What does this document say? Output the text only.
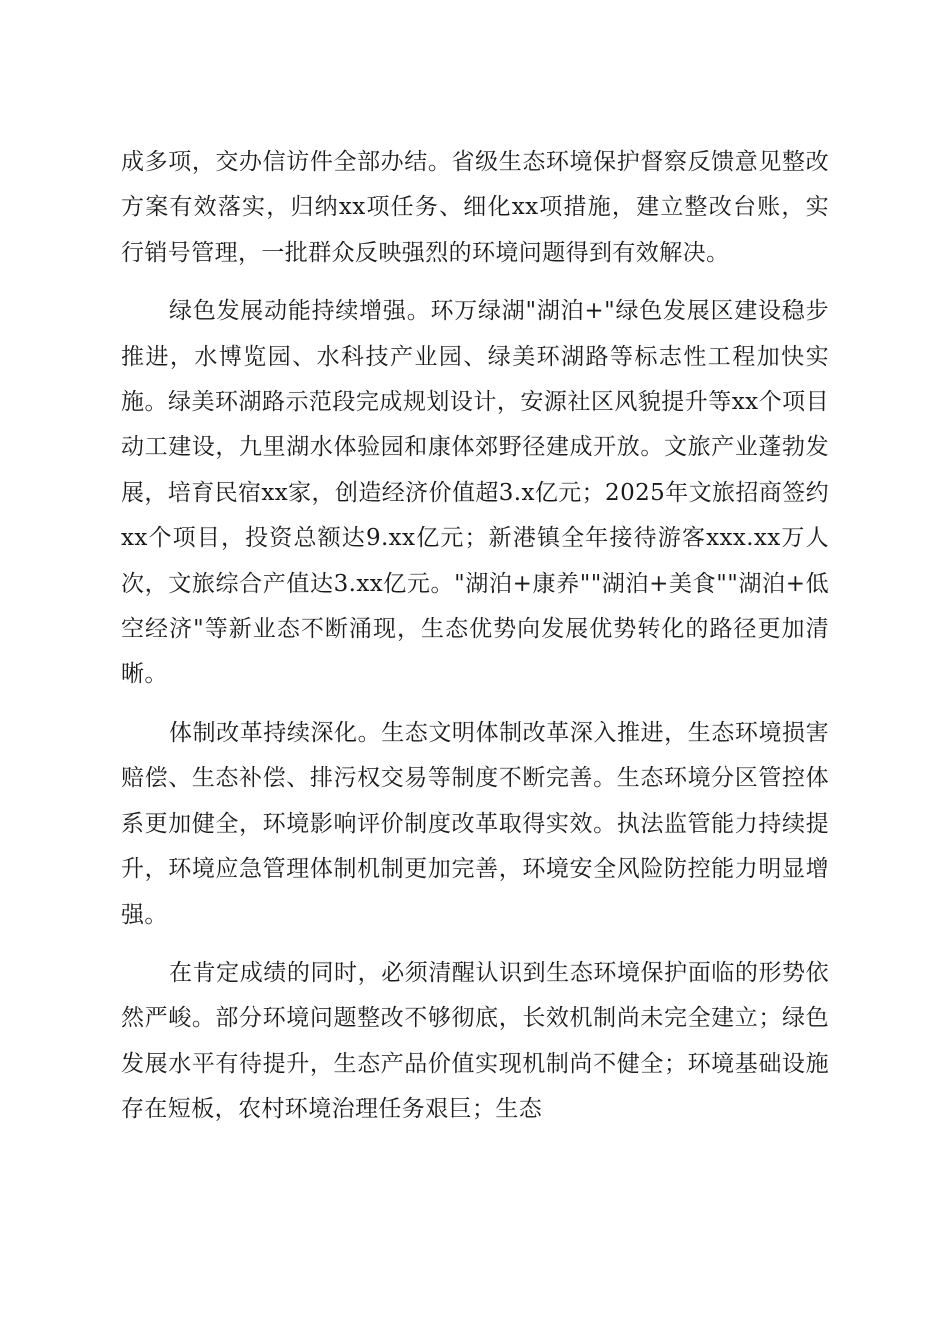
成多项，交办信访件全部办结。省级生态环境保护督察反馈意见整改方案有效落实，归纳xx项任务、细化xx项措施，建立整改台账，实行销号管理，一批群众反映强烈的环境问题得到有效解决。

绿色发展动能持续增强。环万绿湖"湖泊+"绿色发展区建设稳步推进，水博览园、水科技产业园、绿美环湖路等标志性工程加快实施。绿美环湖路示范段完成规划设计，安源社区风貌提升等xx个项目动工建设，九里湖水体验园和康体郊野径建成开放。文旅产业蓬勃发展，培育民宿xx家，创造经济价值超3.x亿元；2025年文旅招商签约xx个项目，投资总额达9.xx亿元；新港镇全年接待游客xxx.xx万人次，文旅综合产值达3.xx亿元。"湖泊+康养""湖泊+美食""湖泊+低空经济"等新业态不断涌现，生态优势向发展优势转化的路径更加清晰。

体制改革持续深化。生态文明体制改革深入推进，生态环境损害赔偿、生态补偿、排污权交易等制度不断完善。生态环境分区管控体系更加健全，环境影响评价制度改革取得实效。执法监管能力持续提升，环境应急管理体制机制更加完善，环境安全风险防控能力明显增强。

在肯定成绩的同时，必须清醒认识到生态环境保护面临的形势依然严峻。部分环境问题整改不够彻底，长效机制尚未完全建立；绿色发展水平有待提升，生态产品价值实现机制尚不健全；环境基础设施存在短板，农村环境治理任务艰巨；生态
